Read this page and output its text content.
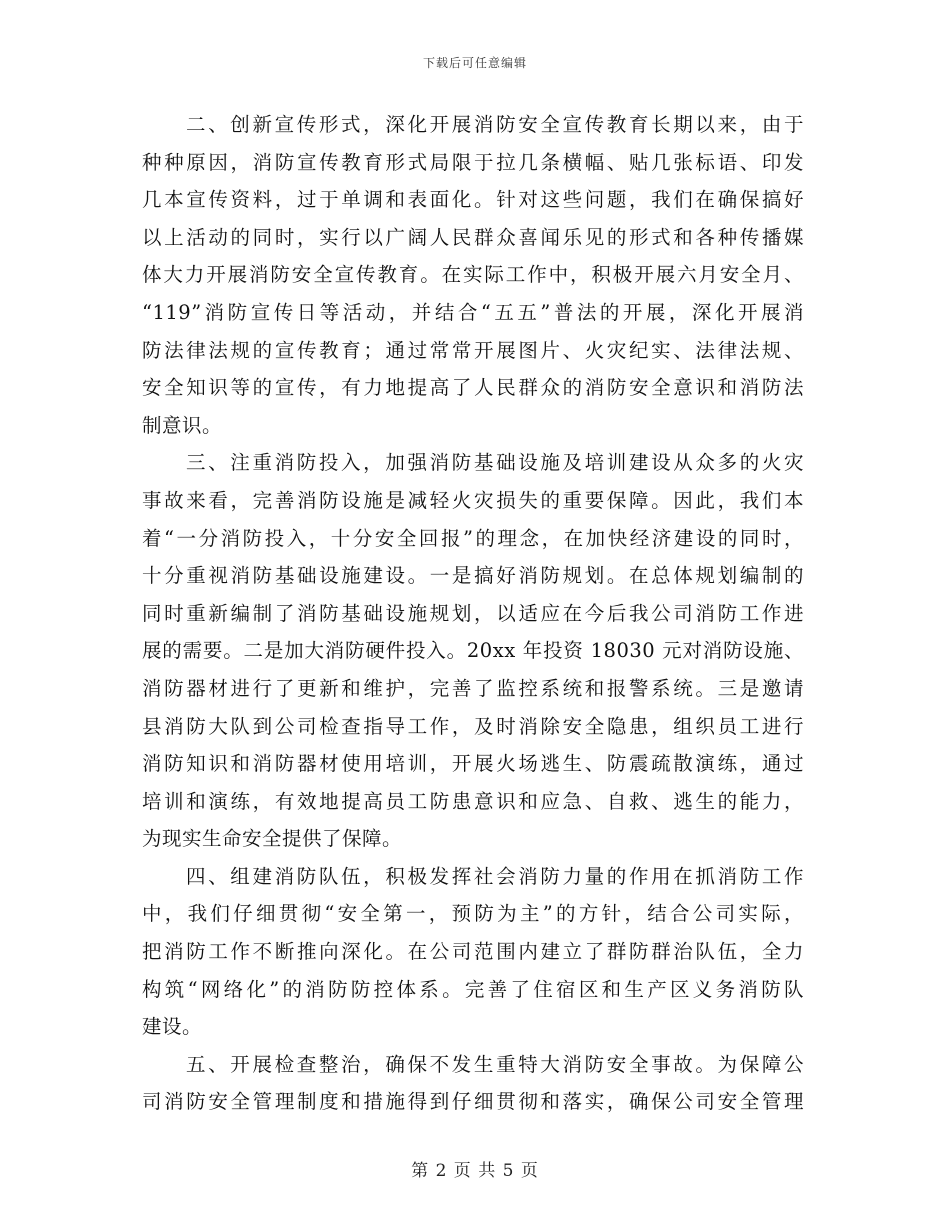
下载后可任意编辑
二、创新宣传形式，深化开展消防安全宣传教育长期以来，由于
种种原因，消防宣传教育形式局限于拉几条横幅、贴几张标语、印发
几本宣传资料，过于单调和表面化。针对这些问题，我们在确保搞好
以上活动的同时，实行以广阔人民群众喜闻乐见的形式和各种传播媒
体大力开展消防安全宣传教育。在实际工作中，积极开展六月安全月、
“119”消防宣传日等活动，并结合“五五”普法的开展，深化开展消
防法律法规的宣传教育；通过常常开展图片、火灾纪实、法律法规、
安全知识等的宣传，有力地提高了人民群众的消防安全意识和消防法
制意识。
三、注重消防投入，加强消防基础设施及培训建设从众多的火灾
事故来看，完善消防设施是减轻火灾损失的重要保障。因此，我们本
着“一分消防投入，十分安全回报”的理念，在加快经济建设的同时，
十分重视消防基础设施建设。一是搞好消防规划。在总体规划编制的
同时重新编制了消防基础设施规划，以适应在今后我公司消防工作进
展的需要。二是加大消防硬件投入。20xx 年投资 18030 元对消防设施、
消防器材进行了更新和维护，完善了监控系统和报警系统。三是邀请
县消防大队到公司检查指导工作，及时消除安全隐患，组织员工进行
消防知识和消防器材使用培训，开展火场逃生、防震疏散演练，通过
培训和演练，有效地提高员工防患意识和应急、自救、逃生的能力，
为现实生命安全提供了保障。
四、组建消防队伍，积极发挥社会消防力量的作用在抓消防工作
中，我们仔细贯彻“安全第一，预防为主”的方针，结合公司实际，
把消防工作不断推向深化。在公司范围内建立了群防群治队伍，全力
构筑“网络化”的消防防控体系。完善了住宿区和生产区义务消防队
建设。
五、开展检查整治，确保不发生重特大消防安全事故。为保障公
司消防安全管理制度和措施得到仔细贯彻和落实，确保公司安全管理
第 2 页 共 5 页
